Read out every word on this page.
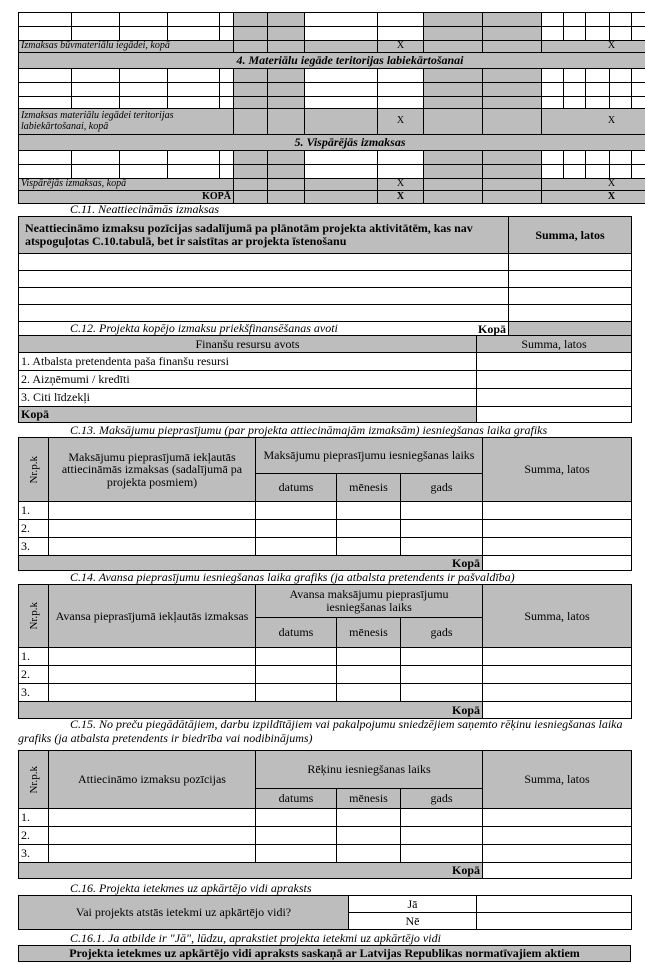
Izmaksas būvmateriālu iegādei, kopā								X			X					
4. Materiālu iegāde teritorijas labiekārtošanai																

Izmaksas materiālu iegādei teritorijas labiekārtošanai, kopā								X			X					
5. Vispārējās izmaksas																

Vispārējās izmaksas, kopā								X			X					
KOPĀ								X			X					
C.11. Neattiecināmās izmaksas
Neattiecināmo izmaksu pozīcijas sadalījumā pa plānotām projekta aktivitātēm, kas nav atspoguļotas C.10.tabulā, bet ir saistītas ar projekta īstenošanu	Summa, latos

Kopā	
C.12. Projekta kopējo izmaksu priekšfinansēšanas avoti
Finanšu resursu avots	Summa, latos
1. Atbalsta pretendenta paša finanšu resursi	
2. Aizņēmumi / kredīti	
3. Citi līdzekļi	
Kopā	
C.13. Maksājumu pieprasījumu (par projekta attiecināmajām izmaksām) iesniegšanas laika grafiks
Nr.p.k	Maksājumu pieprasījumā iekļautās attiecināmās izmaksas (sadalījumā pa projekta posmiem)	Maksājumu pieprasījumu iesniegšanas laiks			Summa, latos
		datums	mēnesis	gads	
1.					
2.					
3.					
Kopā					
C.14. Avansa pieprasījumu iesniegšanas laika grafiks (ja atbalsta pretendents ir pašvaldība)
Nr.p.k	Avansa pieprasījumā iekļautās izmaksas	Avansa maksājumu pieprasījumu iesniegšanas laiks			Summa, latos
		datums	mēnesis	gads	
1.					
2.					
3.					
Kopā					
C.15. No preču piegādātājiem, darbu izpildītājiem vai pakalpojumu sniedzējiem saņemto rēķinu iesniegšanas laika grafiks (ja atbalsta pretendents ir biedrība vai nodibinājums)
Nr.p.k	Attiecināmo izmaksu pozīcijas	Rēķinu iesniegšanas laiks			Summa, latos
		datums	mēnesis	gads	
1.					
2.					
3.					
Kopā					
C.16. Projekta ietekmes uz apkārtējo vidi apraksts
Vai projekts atstās ietekmi uz apkārtējo vidi?	Jā	
	Nē	
C.16.1. Ja atbilde ir "Jā", lūdzu, aprakstiet projekta ietekmi uz apkārtējo vidi
Projekta ietekmes uz apkārtējo vidi apraksts saskaņā ar Latvijas Republikas normatīvajiem aktiem
